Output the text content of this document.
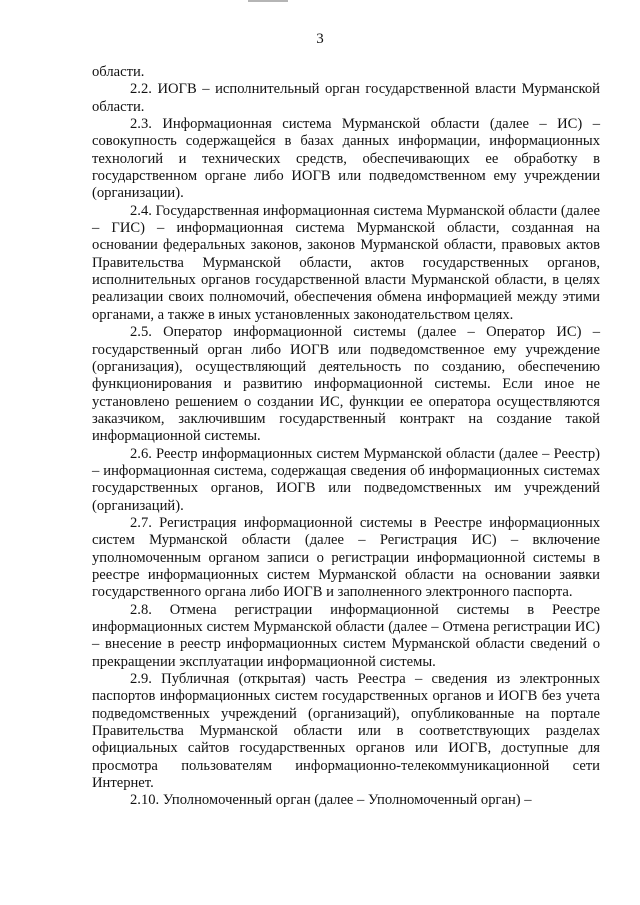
3

области.

2.2. ИОГВ – исполнительный орган государственной власти Мурманской области.

2.3. Информационная система Мурманской области (далее – ИС) – совокупность содержащейся в базах данных информации, информационных технологий и технических средств, обеспечивающих ее обработку в государственном органе либо ИОГВ или подведомственном ему учреждении (организации).

2.4. Государственная информационная система Мурманской области (далее – ГИС) – информационная система Мурманской области, созданная на основании федеральных законов, законов Мурманской области, правовых актов Правительства Мурманской области, актов государственных органов, исполнительных органов государственной власти Мурманской области, в целях реализации своих полномочий, обеспечения обмена информацией между этими органами, а также в иных установленных законодательством целях.

2.5. Оператор информационной системы (далее – Оператор ИС) – государственный орган либо ИОГВ или подведомственное ему учреждение (организация), осуществляющий деятельность по созданию, обеспечению функционирования и развитию информационной системы. Если иное не установлено решением о создании ИС, функции ее оператора осуществляются заказчиком, заключившим государственный контракт на создание такой информационной системы.

2.6. Реестр информационных систем Мурманской области (далее – Реестр) – информационная система, содержащая сведения об информационных системах государственных органов, ИОГВ или подведомственных им учреждений (организаций).

2.7. Регистрация информационной системы в Реестре информационных систем Мурманской области (далее – Регистрация ИС) – включение уполномоченным органом записи о регистрации информационной системы в реестре информационных систем Мурманской области на основании заявки государственного органа либо ИОГВ и заполненного электронного паспорта.

2.8. Отмена регистрации информационной системы в Реестре информационных систем Мурманской области (далее – Отмена регистрации ИС) – внесение в реестр информационных систем Мурманской области сведений о прекращении эксплуатации информационной системы.

2.9. Публичная (открытая) часть Реестра – сведения из электронных паспортов информационных систем государственных органов и ИОГВ без учета подведомственных учреждений (организаций), опубликованные на портале Правительства Мурманской области или в соответствующих разделах официальных сайтов государственных органов или ИОГВ, доступные для просмотра пользователям информационно-телекоммуникационной сети Интернет.

2.10. Уполномоченный орган (далее – Уполномоченный орган) –
